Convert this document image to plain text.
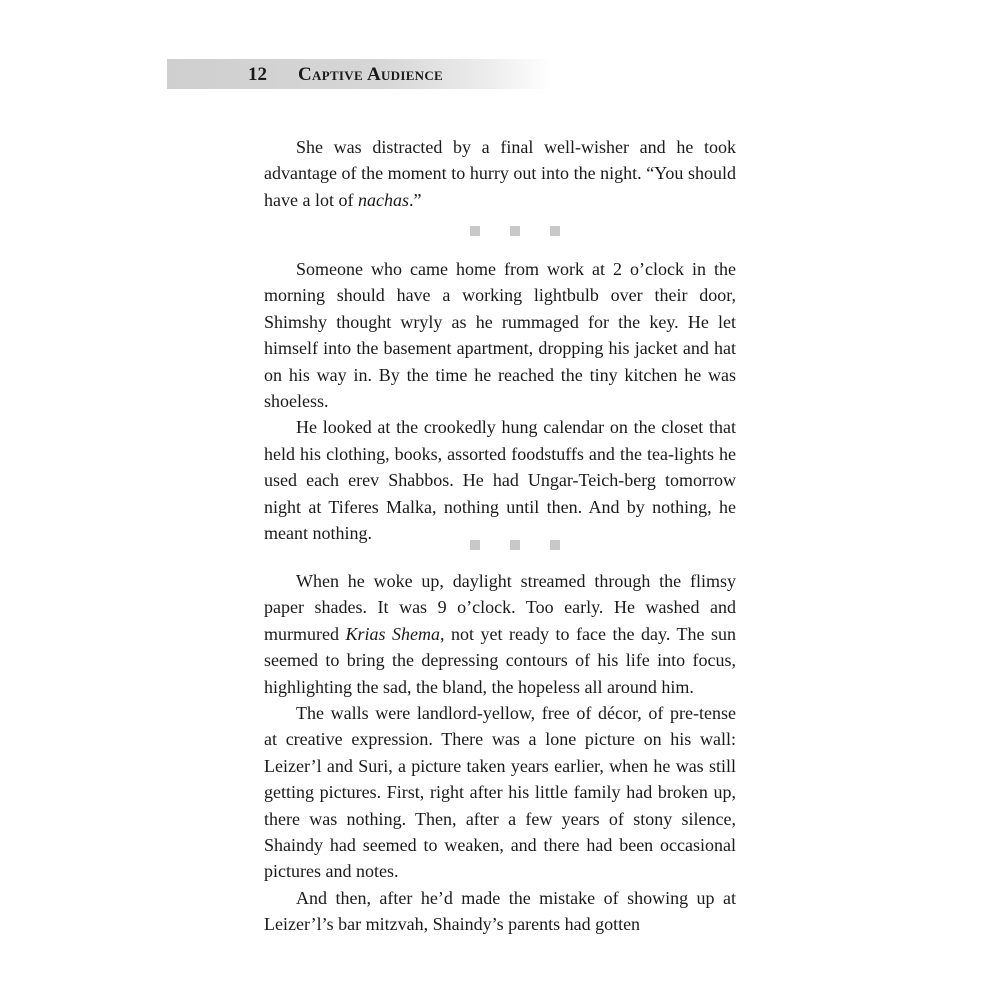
12 Captive Audience

She was distracted by a final well-wisher and he took advantage of the moment to hurry out into the night. “You should have a lot of nachas.”

Someone who came home from work at 2 o’clock in the morning should have a working lightbulb over their door, Shimshy thought wryly as he rummaged for the key. He let himself into the basement apartment, dropping his jacket and hat on his way in. By the time he reached the tiny kitchen he was shoeless.

He looked at the crookedly hung calendar on the closet that held his clothing, books, assorted foodstuffs and the tea-lights he used each erev Shabbos. He had Ungar-Teich-berg tomorrow night at Tiferes Malka, nothing until then. And by nothing, he meant nothing.

When he woke up, daylight streamed through the flimsy paper shades. It was 9 o’clock. Too early. He washed and murmured Krias Shema, not yet ready to face the day. The sun seemed to bring the depressing contours of his life into focus, highlighting the sad, the bland, the hopeless all around him.

The walls were landlord-yellow, free of décor, of pre-tense at creative expression. There was a lone picture on his wall: Leizer’l and Suri, a picture taken years earlier, when he was still getting pictures. First, right after his little family had broken up, there was nothing. Then, after a few years of stony silence, Shaindy had seemed to weaken, and there had been occasional pictures and notes.

And then, after he’d made the mistake of showing up at Leizer’l’s bar mitzvah, Shaindy’s parents had gotten
